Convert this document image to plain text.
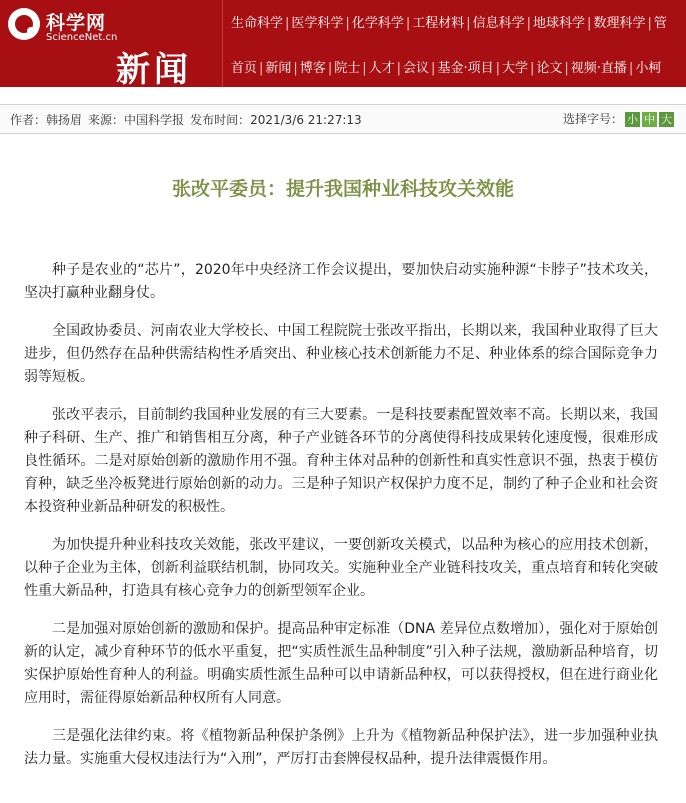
科学网
ScienceNet.cn
新闻
生命科学 | 医学科学 | 化学科学 | 工程材料 | 信息科学 | 地球科学 | 数理科学 | 管
首页 | 新闻 | 博客 | 院士 | 人才 | 会议 | 基金·项目 | 大学 | 论文 | 视频·直播 | 小柯
作者：韩扬眉 来源：中国科学报 发布时间：2021/3/6 21:27:13	选择字号： 小 中 大
张改平委员：提升我国种业科技攻关效能

种子是农业的“芯片”，2020年中央经济工作会议提出，要加快启动实施种源“卡脖子”技术攻关，坚决打赢种业翻身仗。

全国政协委员、河南农业大学校长、中国工程院院士张改平指出，长期以来，我国种业取得了巨大进步，但仍然存在品种供需结构性矛盾突出、种业核心技术创新能力不足、种业体系的综合国际竞争力弱等短板。

张改平表示，目前制约我国种业发展的有三大要素。一是科技要素配置效率不高。长期以来，我国种子科研、生产、推广和销售相互分离，种子产业链各环节的分离使得科技成果转化速度慢，很难形成良性循环。二是对原始创新的激励作用不强。育种主体对品种的创新性和真实性意识不强，热衷于模仿育种，缺乏坐冷板凳进行原始创新的动力。三是种子知识产权保护力度不足，制约了种子企业和社会资本投资种业新品种研发的积极性。

为加快提升种业科技攻关效能，张改平建议，一要创新攻关模式，以品种为核心的应用技术创新，以种子企业为主体，创新利益联结机制，协同攻关。实施种业全产业链科技攻关，重点培育和转化突破性重大新品种，打造具有核心竞争力的创新型领军企业。

二是加强对原始创新的激励和保护。提高品种审定标准（DNA 差异位点数增加），强化对于原始创新的认定，减少育种环节的低水平重复，把“实质性派生品种制度”引入种子法规，激励新品种培育，切实保护原始性育种人的利益。明确实质性派生品种可以申请新品种权，可以获得授权，但在进行商业化应用时，需征得原始新品种权所有人同意。

三是强化法律约束。将《植物新品种保护条例》上升为《植物新品种保护法》，进一步加强种业执法力量。实施重大侵权违法行为“入刑”，严厉打击套牌侵权品种，提升法律震慑作用。
